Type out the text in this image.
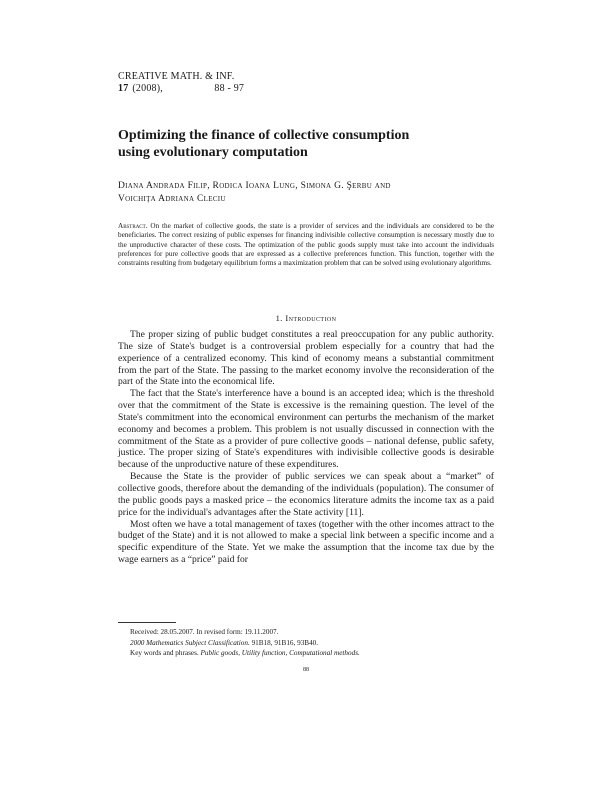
CREATIVE MATH. & INF.
17 (2008),	88 - 97
Optimizing the finance of collective consumption
using evolutionary computation
Diana Andrada Filip, Rodica Ioana Lung, Simona G. Şerbu and
Voichiţa Adriana Cleciu
Abstract. On the market of collective goods, the state is a provider of services and the individuals are considered to be the beneficiaries. The correct resizing of public expenses for financing indivisible collective consumption is necessary mostly due to the unproductive character of these costs. The optimization of the public goods supply must take into account the individuals preferences for pure collective goods that are expressed as a collective preferences function. This function, together with the constraints resulting from budgetary equilibrium forms a maximization problem that can be solved using evolutionary algorithms.
1. Introduction

The proper sizing of public budget constitutes a real preoccupation for any public authority. The size of State's budget is a controversial problem especially for a country that had the experience of a centralized economy. This kind of economy means a substantial commitment from the part of the State. The passing to the market economy involve the reconsideration of the part of the State into the economical life.

The fact that the State's interference have a bound is an accepted idea; which is the threshold over that the commitment of the State is excessive is the remaining question. The level of the State's commitment into the economical environment can perturbs the mechanism of the market economy and becomes a problem. This problem is not usually discussed in connection with the commitment of the State as a provider of pure collective goods – national defense, public safety, justice. The proper sizing of State's expenditures with indivisible collective goods is desirable because of the unproductive nature of these expenditures.

Because the State is the provider of public services we can speak about a “market” of collective goods, therefore about the demanding of the individuals (population). The consumer of the public goods pays a masked price – the economics literature admits the income tax as a paid price for the individual's advantages after the State activity [11].

Most often we have a total management of taxes (together with the other incomes attract to the budget of the State) and it is not allowed to make a special link between a specific income and a specific expenditure of the State. Yet we make the assumption that the income tax due by the wage earners as a “price” paid for

Received: 28.05.2007. In revised form: 19.11.2007.
2000 Mathematics Subject Classification. 91B18, 91B16, 93B40.
Key words and phrases. Public goods, Utility function, Computational methods.
88
